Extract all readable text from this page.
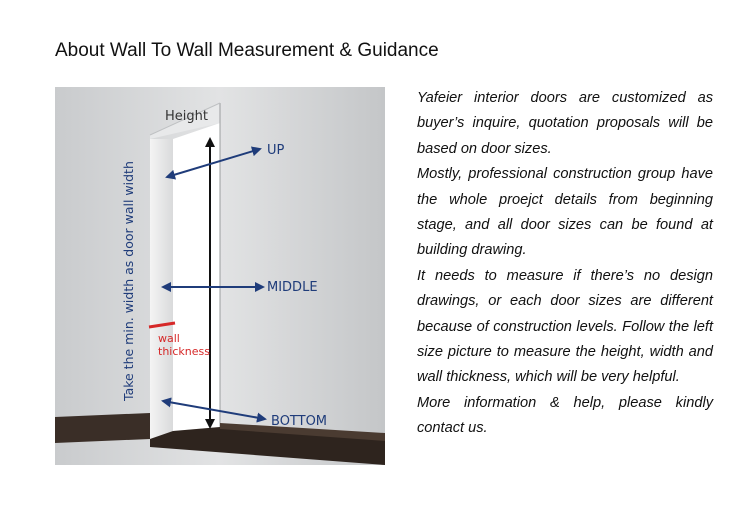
About Wall To Wall Measurement & Guidance
Height
UP
MIDDLE
BOTTOM
wall
thickness
Take the min. width as door wall width

Yafeier interior doors are customized as buyer’s inquire, quotation proposals will be based on door sizes.

Mostly, professional construction group have the whole proejct details from beginning stage, and all door sizes can be found at building drawing.

It needs to measure if there’s no design drawings, or each door sizes are different because of construction levels. Follow the left size picture to measure the height, width and wall thickness, which will be very helpful.

More information & help, please kindly contact us.
